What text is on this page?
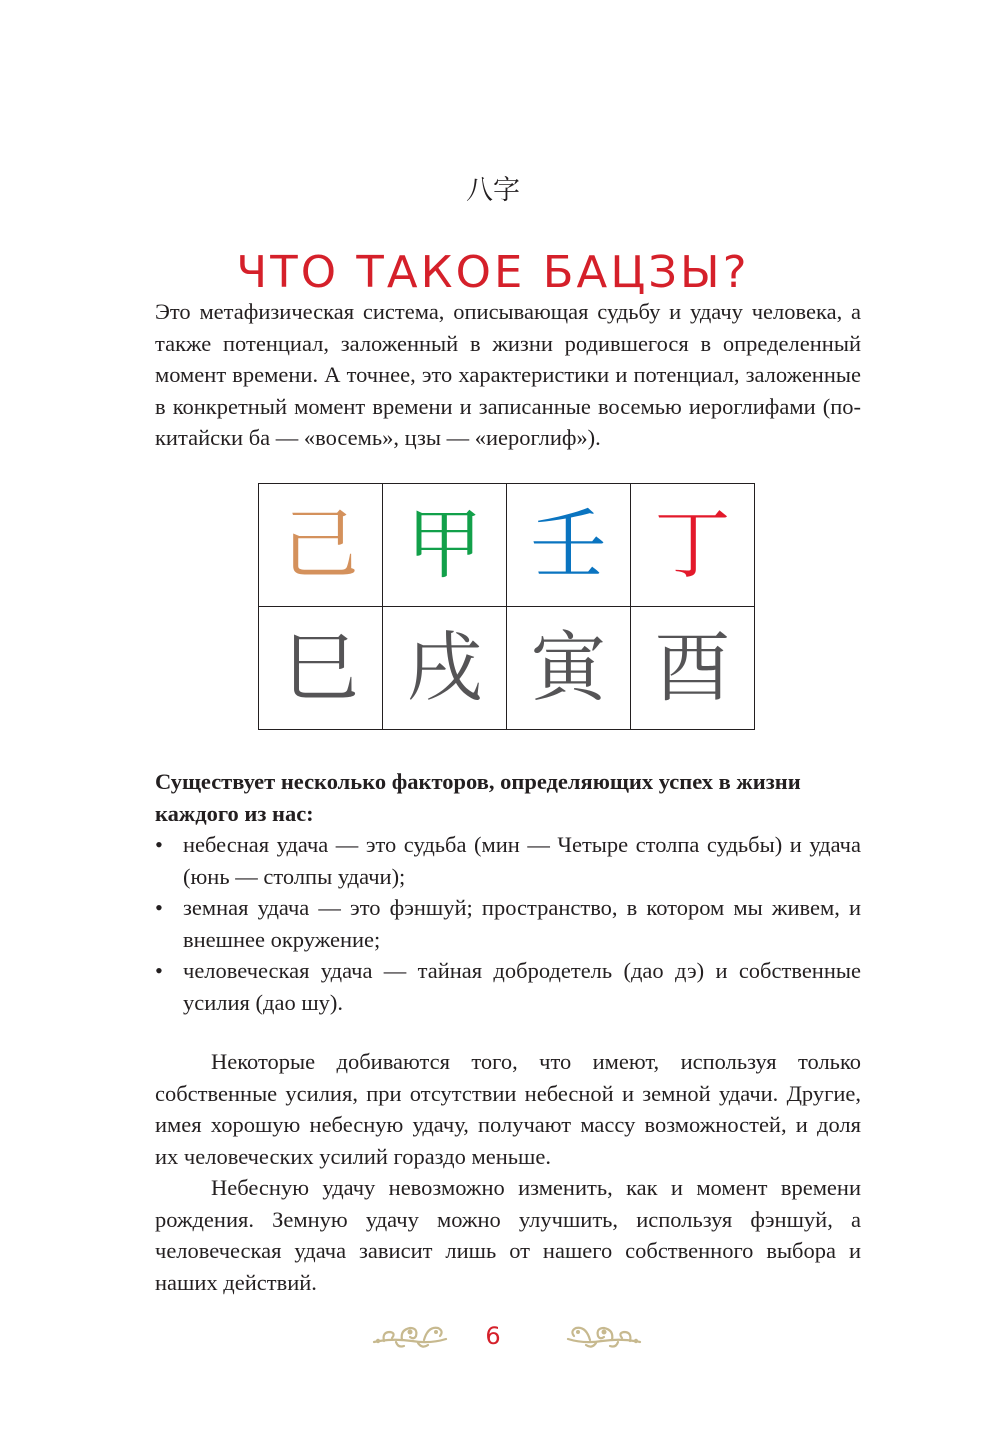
八字
ЧТО ТАКОЕ БАЦЗЫ?

Это метафизическая система, описывающая судьбу и удачу человека, а также потенциал, заложенный в жизни родившегося в определенный момент времени. А точнее, это характеристики и потенциал, заложенные в конкретный момент времени и записанные восемью иероглифами (по-китайски ба — «восемь», цзы — «иероглиф»).

己	甲	壬	丁
巳	戌	寅	酉

Существует несколько факторов, определяющих успех в жизни каждого из нас:

• небесная удача — это судьба (мин — Четыре столпа судьбы) и удача (юнь — столпы удачи);
• земная удача — это фэншуй; пространство, в котором мы живем, и внешнее окружение;
• человеческая удача — тайная добродетель (дао дэ) и собственные усилия (дао шу).

Некоторые добиваются того, что имеют, используя только собственные усилия, при отсутствии небесной и земной удачи. Другие, имея хорошую небесную удачу, получают массу возможностей, и доля их человеческих усилий гораздо меньше.

Небесную удачу невозможно изменить, как и момент времени рождения. Земную удачу можно улучшить, используя фэншуй, а человеческая удача зависит лишь от нашего собственного выбора и наших действий.

6
